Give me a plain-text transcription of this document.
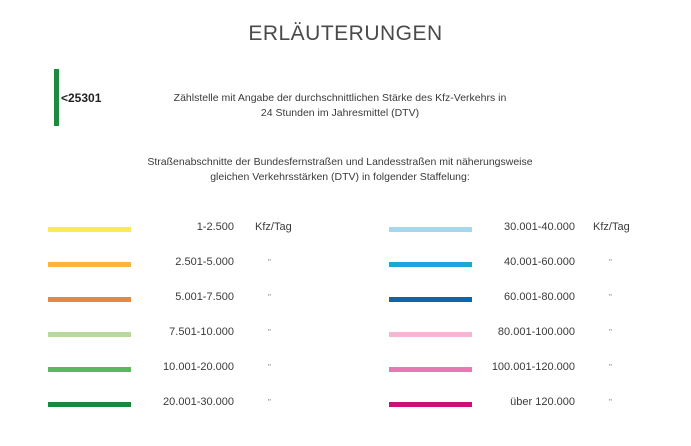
ERLÄUTERUNGEN
<25301	Zählstelle mit Angabe der durchschnittlichen Stärke des Kfz-Verkehrs in
24 Stunden im Jahresmittel (DTV)
Straßenabschnitte der Bundesfernstraßen und Landesstraßen mit näherungsweise
gleichen Verkehrsstärken (DTV) in folgender Staffelung:
1-2.500 Kfz/Tag
2.501-5.000	"
5.001-7.500	"
7.501-10.000	"
10.001-20.000	"
20.001-30.000	"
30.001-40.000 Kfz/Tag
40.001-60.000	"
60.001-80.000	"
80.001-100.000	"
100.001-120.000	"
über 120.000	"
